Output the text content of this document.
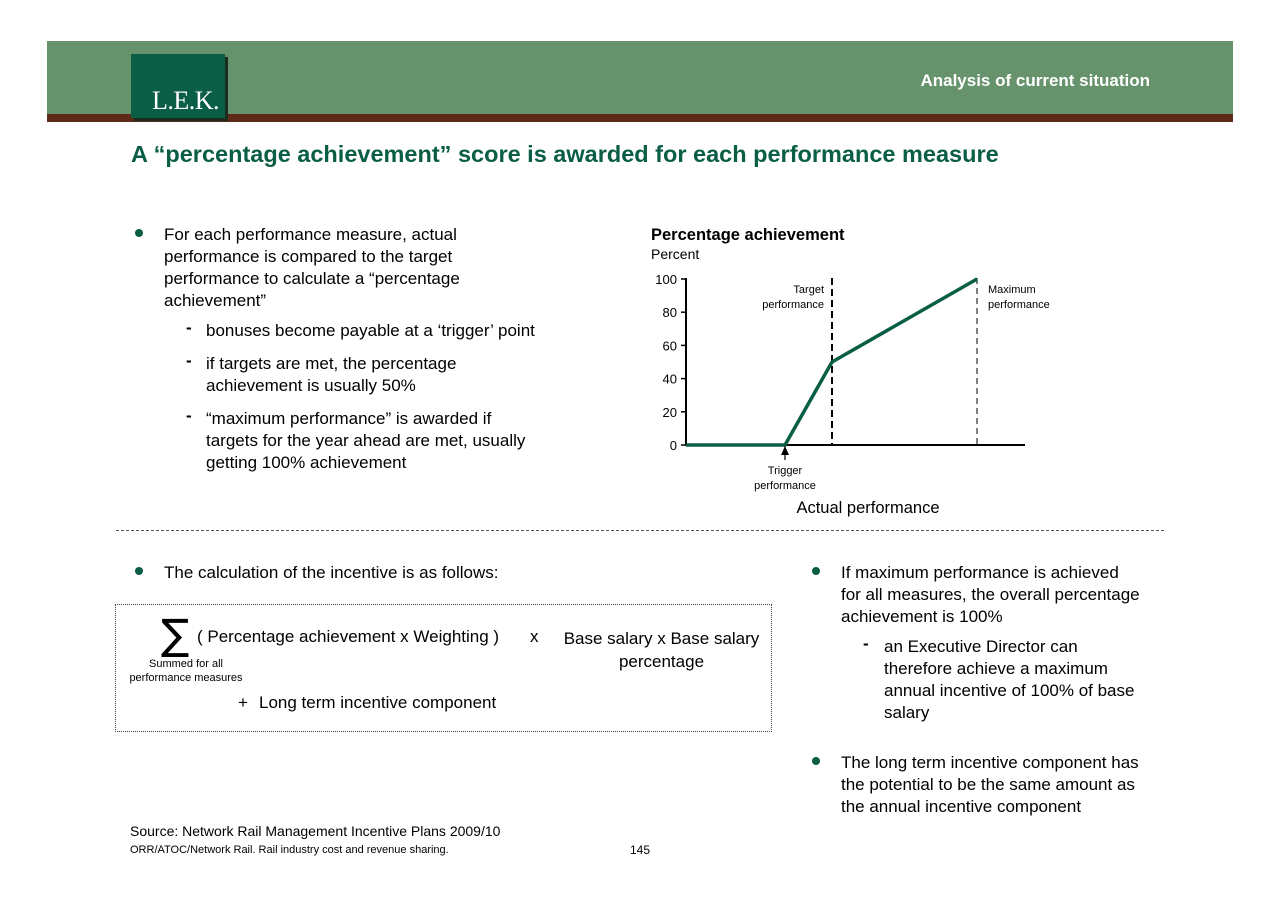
L.E.K.
Analysis of current situation
A “percentage achievement” score is awarded for each performance measure
For each performance measure, actual
performance is compared to the target
performance to calculate a “percentage
achievement”
- bonuses become payable at a ‘trigger’ point
- if targets are met, the percentage
achievement is usually 50%
- “maximum performance” is awarded if
targets for the year ahead are met, usually
getting 100% achievement
Percentage achievement
Percent
0
20
40
60
80
100
Target
performance
Maximum
performance
Trigger
performance
Actual performance
The calculation of the incentive is as follows:
∑
Summed for all
performance measures
( Percentage achievement x Weighting ) x	Base salary x Base salary
percentage
+ Long term incentive component
If maximum performance is achieved
for all measures, the overall percentage
achievement is 100%
- an Executive Director can
therefore achieve a maximum
annual incentive of 100% of base
salary
The long term incentive component has
the potential to be the same amount as
the annual incentive component
Source: Network Rail Management Incentive Plans 2009/10
ORR/ATOC/Network Rail. Rail industry cost and revenue sharing.	145
